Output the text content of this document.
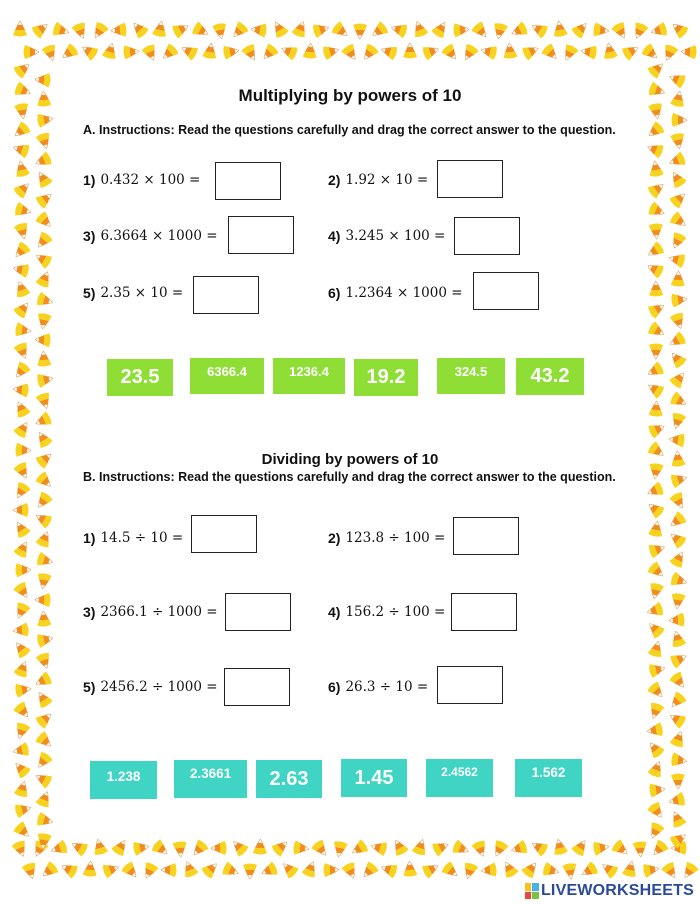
Multiplying by powers of 10
A. Instructions: Read the questions carefully and drag the correct answer to the question.
1) 0.432 × 100 =	2) 1.92 × 10 =
3) 6.3664 × 1000 =	4) 3.245 × 100 =
5) 2.35 × 10 =	6) 1.2364 × 1000 =
23.5	6366.4	1236.4	19.2	324.5	43.2
Dividing by powers of 10
B. Instructions: Read the questions carefully and drag the correct answer to the question.
1) 14.5 ÷ 10 =	2) 123.8 ÷ 100 =
3) 2366.1 ÷ 1000 =	4) 156.2 ÷ 100 =
5) 2456.2 ÷ 1000 =	6) 26.3 ÷ 10 =
1.238	2.3661	2.63	1.45	2.4562	1.562
LIVEWORKSHEETS
